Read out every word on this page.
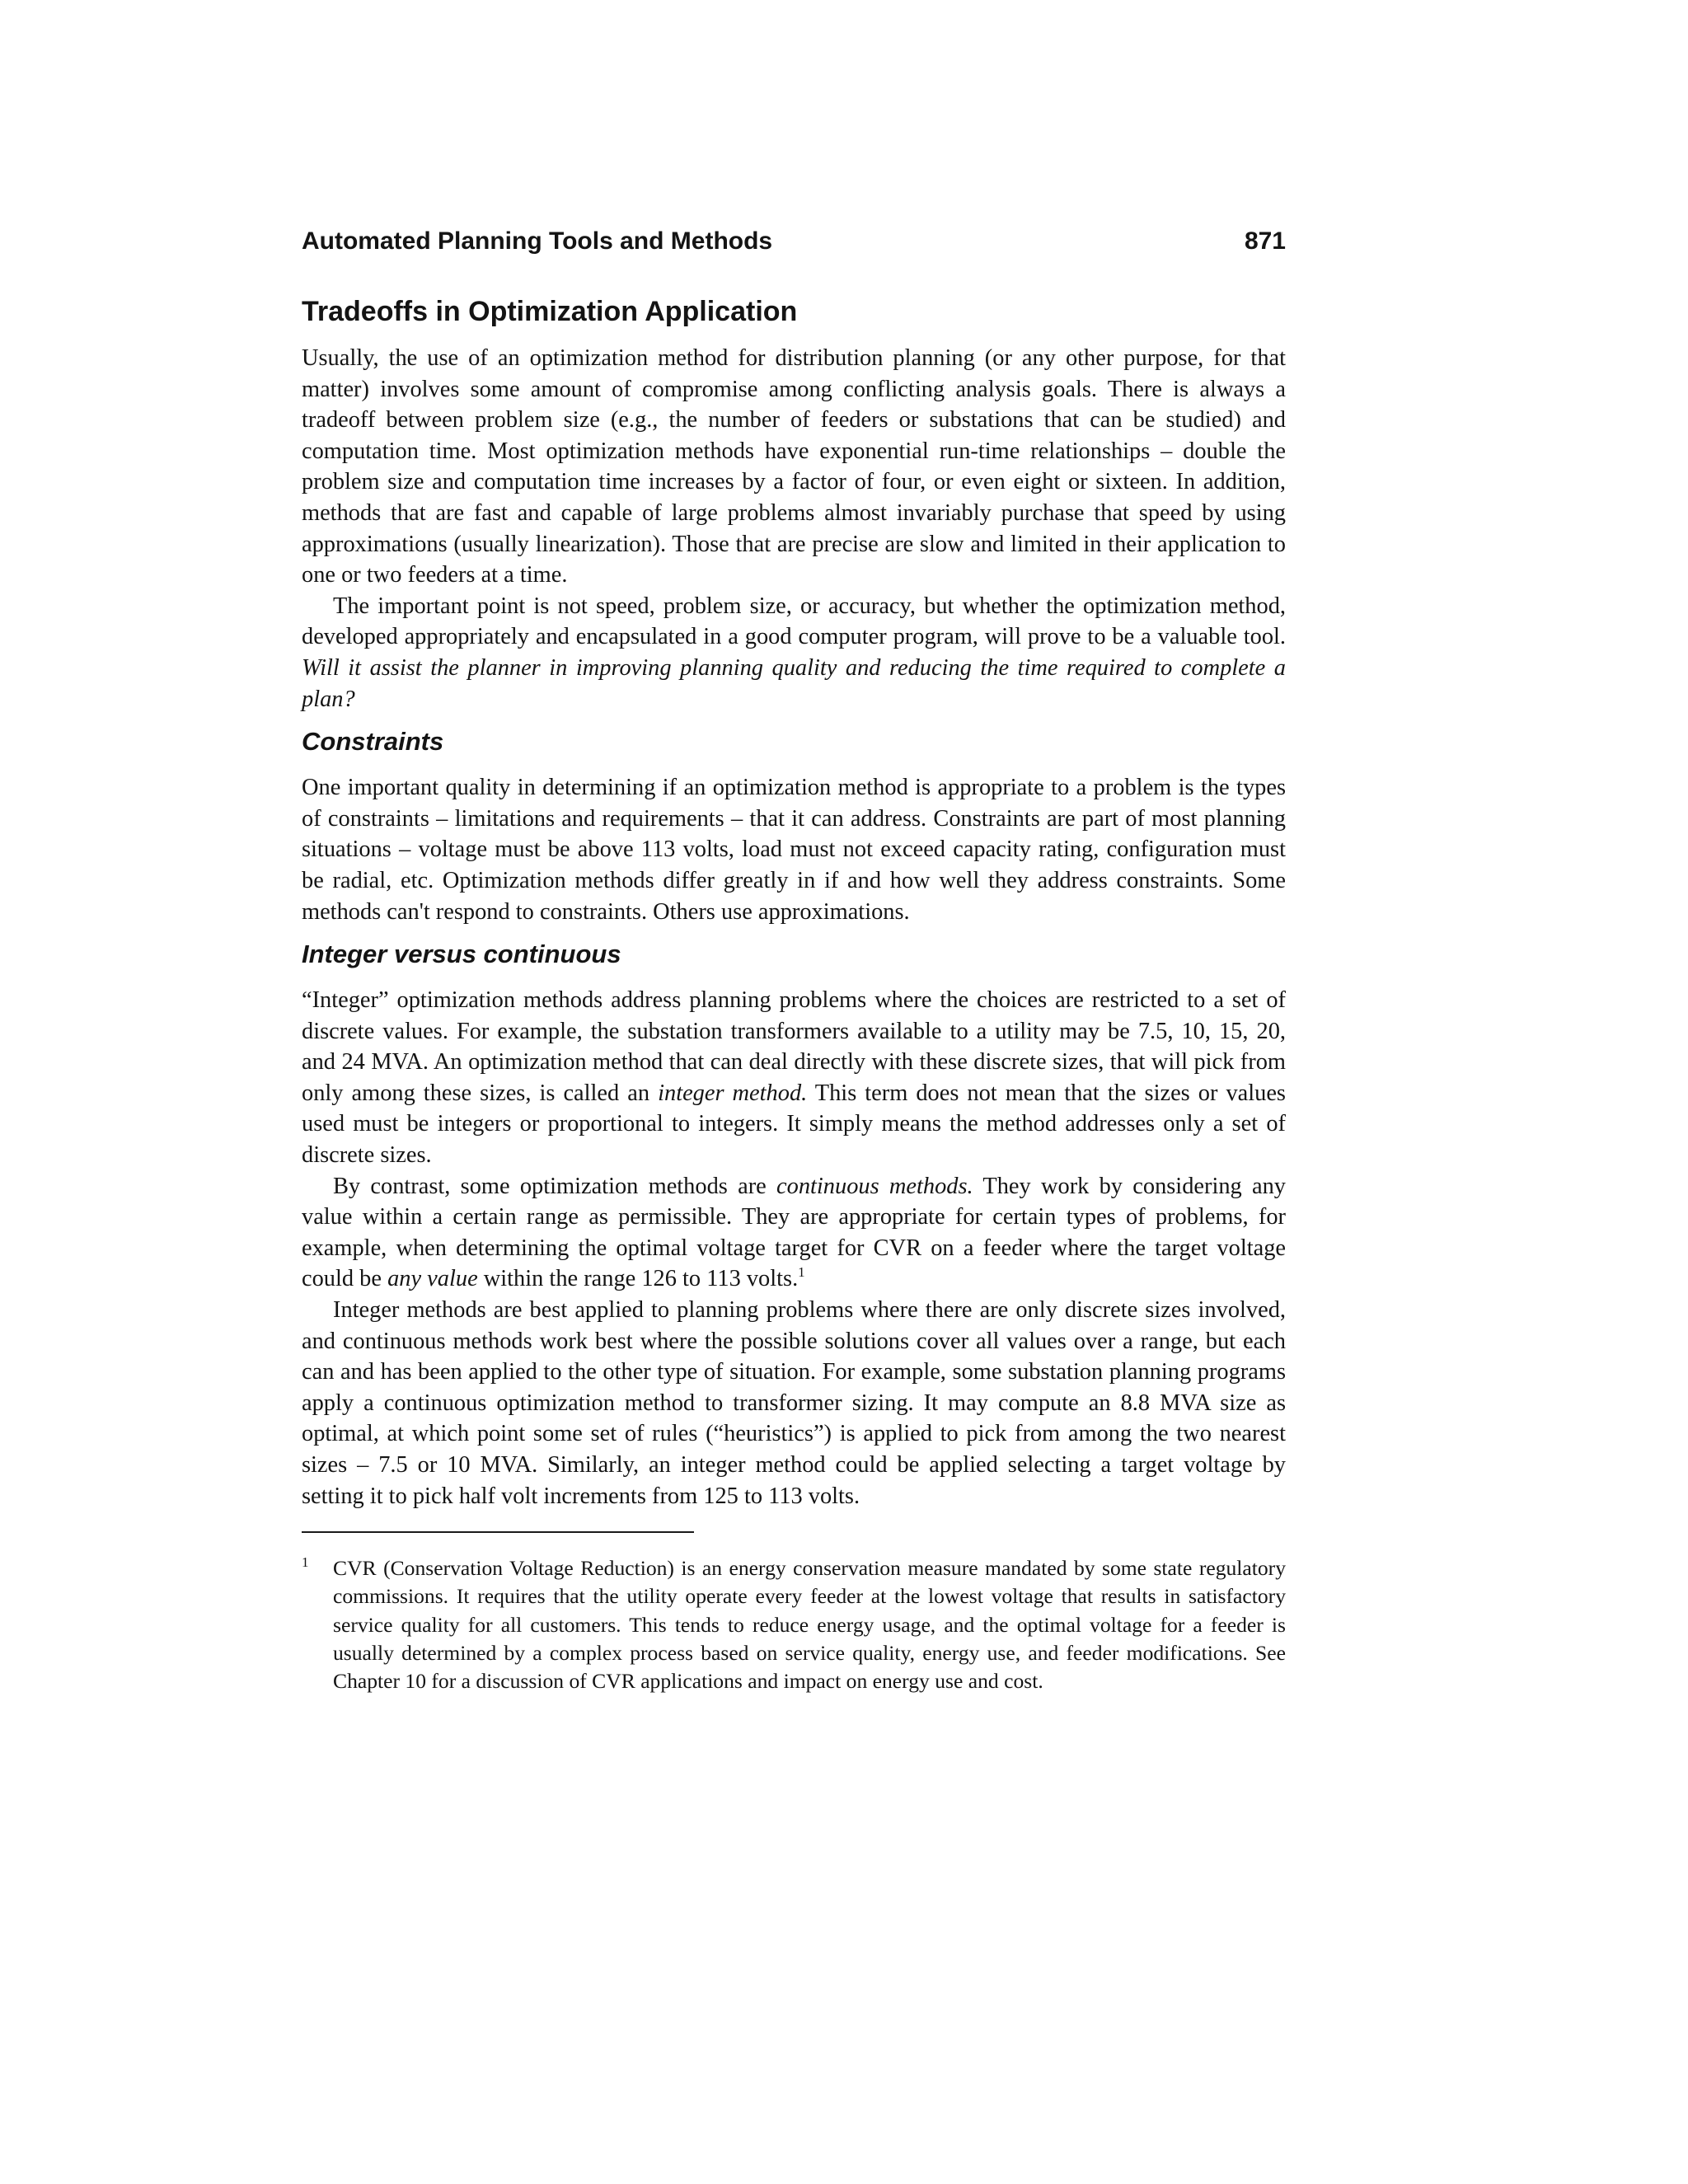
Automated Planning Tools and Methods	871
Tradeoffs in Optimization Application

Usually, the use of an optimization method for distribution planning (or any other purpose, for that matter) involves some amount of compromise among conflicting analysis goals. There is always a tradeoff between problem size (e.g., the number of feeders or substations that can be studied) and computation time. Most optimization methods have exponential run-time relationships – double the problem size and computation time increases by a factor of four, or even eight or sixteen. In addition, methods that are fast and capable of large problems almost invariably purchase that speed by using approximations (usually linearization). Those that are precise are slow and limited in their application to one or two feeders at a time.

The important point is not speed, problem size, or accuracy, but whether the optimization method, developed appropriately and encapsulated in a good computer program, will prove to be a valuable tool. Will it assist the planner in improving planning quality and reducing the time required to complete a plan?

Constraints

One important quality in determining if an optimization method is appropriate to a problem is the types of constraints – limitations and requirements – that it can address. Constraints are part of most planning situations – voltage must be above 113 volts, load must not exceed capacity rating, configuration must be radial, etc. Optimization methods differ greatly in if and how well they address constraints. Some methods can't respond to constraints. Others use approximations.

Integer versus continuous

“Integer” optimization methods address planning problems where the choices are restricted to a set of discrete values. For example, the substation transformers available to a utility may be 7.5, 10, 15, 20, and 24 MVA. An optimization method that can deal directly with these discrete sizes, that will pick from only among these sizes, is called an integer method. This term does not mean that the sizes or values used must be integers or proportional to integers. It simply means the method addresses only a set of discrete sizes.

By contrast, some optimization methods are continuous methods. They work by considering any value within a certain range as permissible. They are appropriate for certain types of problems, for example, when determining the optimal voltage target for CVR on a feeder where the target voltage could be any value within the range 126 to 113 volts.$^1$

Integer methods are best applied to planning problems where there are only discrete sizes involved, and continuous methods work best where the possible solutions cover all values over a range, but each can and has been applied to the other type of situation. For example, some substation planning programs apply a continuous optimization method to transformer sizing. It may compute an 8.8 MVA size as optimal, at which point some set of rules (“heuristics”) is applied to pick from among the two nearest sizes – 7.5 or 10 MVA. Similarly, an integer method could be applied selecting a target voltage by setting it to pick half volt increments from 125 to 113 volts.

1 CVR (Conservation Voltage Reduction) is an energy conservation measure mandated by some state regulatory commissions. It requires that the utility operate every feeder at the lowest voltage that results in satisfactory service quality for all customers. This tends to reduce energy usage, and the optimal voltage for a feeder is usually determined by a complex process based on service quality, energy use, and feeder modifications. See Chapter 10 for a discussion of CVR applications and impact on energy use and cost.
